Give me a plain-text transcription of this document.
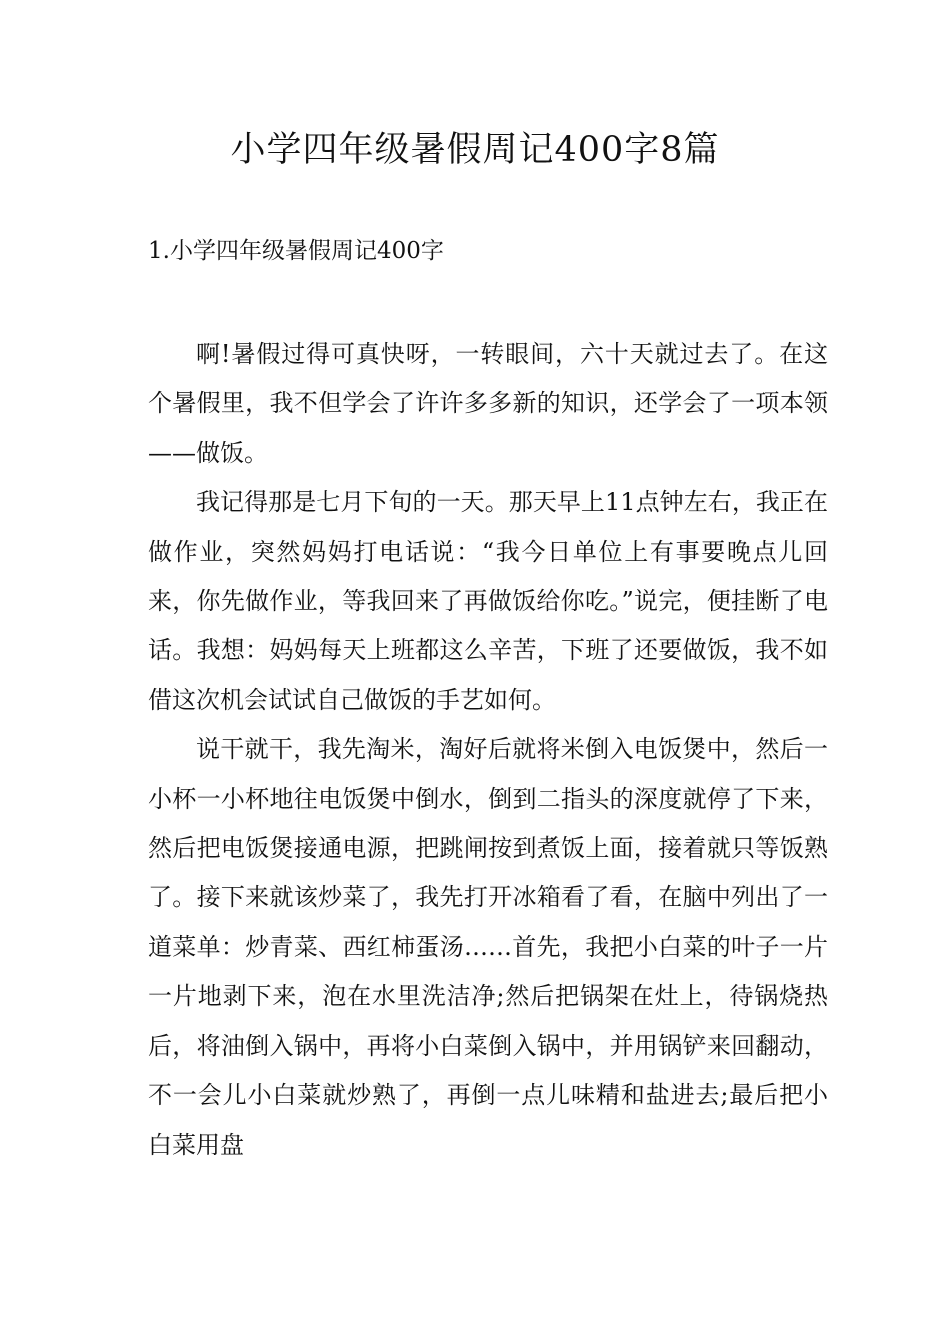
小学四年级暑假周记400字8篇
1.小学四年级暑假周记400字

啊!暑假过得可真快呀，一转眼间，六十天就过去了。在这个暑假里，我不但学会了许许多多新的知识，还学会了一项本领——做饭。

我记得那是七月下旬的一天。那天早上11点钟左右，我正在做作业，突然妈妈打电话说：“我今日单位上有事要晚点儿回来，你先做作业，等我回来了再做饭给你吃。”说完，便挂断了电话。我想：妈妈每天上班都这么辛苦，下班了还要做饭，我不如借这次机会试试自己做饭的手艺如何。

说干就干，我先淘米，淘好后就将米倒入电饭煲中，然后一小杯一小杯地往电饭煲中倒水，倒到二指头的深度就停了下来，然后把电饭煲接通电源，把跳闸按到煮饭上面，接着就只等饭熟了。接下来就该炒菜了，我先打开冰箱看了看，在脑中列出了一道菜单：炒青菜、西红柿蛋汤……首先，我把小白菜的叶子一片一片地剥下来，泡在水里洗洁净;然后把锅架在灶上，待锅烧热后，将油倒入锅中，再将小白菜倒入锅中，并用锅铲来回翻动，不一会儿小白菜就炒熟了，再倒一点儿味精和盐进去;最后把小白菜用盘
